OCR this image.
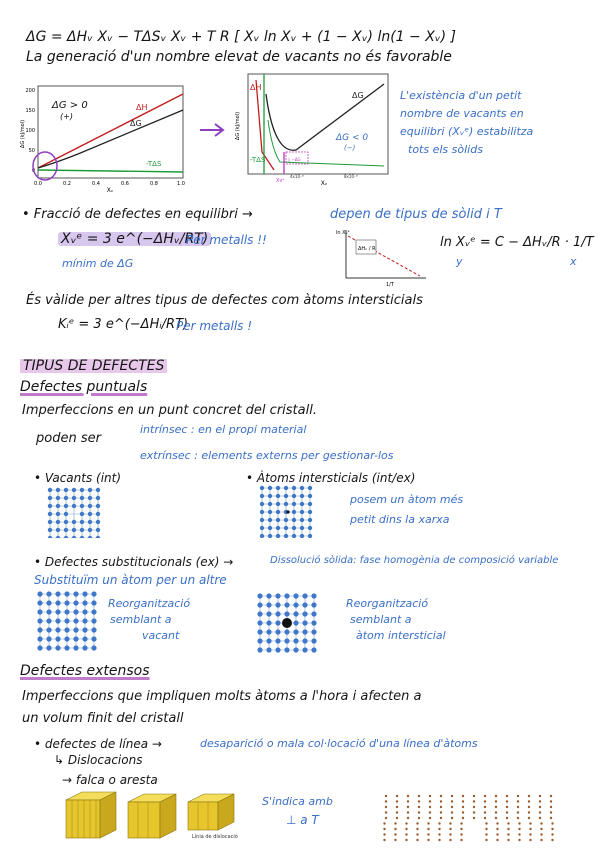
ΔG = ΔHᵥ Xᵥ − TΔSᵥ Xᵥ + T R [ Xᵥ ln Xᵥ + (1 − Xᵥ) ln(1 − Xᵥ) ]
La generació d'un nombre elevat de vacants no és favorable
200
150
100
50
0
0.0	0.2	0.4	0.6	0.8	1.0
ΔG (kJ/mol)
Xᵥ
ΔH
ΔG
-TΔS
ΔG > 0
(+)	ΔG (kJ/mol)
Xᵥ
▯ −ΔG
ΔH
ΔG
-TΔS
Xvᵉ
4x10⁻⁸	8x10⁻⁸
ΔG < 0
(−)
L'existència d'un petit
nombre de vacants en
equilibri (Xᵥᵉ) estabilitza
tots els sòlids
• Fracció de defectes en equilibri →	depen de tipus de sòlid i T
Xᵥᵉ = 3 e^(−ΔHᵥ/RT)
Per metalls !!
mínim de ΔG
ΔHᵥ / R
ln Xᵥᵉ
1/T
ln Xᵥᵉ = C − ΔHᵥ/R · 1/T
y	x
És vàlide per altres tipus de defectes com àtoms intersticials
Kᵢᵉ = 3 e^(−ΔHᵢ/RT)
Per metalls !
TIPUS DE DEFECTES
Defectes puntuals
Imperfeccions en un punt concret del cristall.
poden ser
intrínsec : en el propi material
extrínsec : elements externs per gestionar-los
• Vacants (int)	• Àtoms intersticials (int/ex)
posem un àtom més
petit dins la xarxa
• Defectes substitucionals (ex) →	Dissolució sòlida: fase homogènia de composició variable
Substituïm un àtom per un altre
Reorganització
semblant a
vacant
Reorganització
semblant a
àtom intersticial
Defectes extensos
Imperfeccions que impliquen molts àtoms a l'hora i afecten a
un volum finit del cristall
• defectes de línea →	desaparició o mala col·locació d'una línea d'àtoms
↳ Dislocacions
→ falca o aresta
Línia de dislocació
S'indica amb
⊥ a T
